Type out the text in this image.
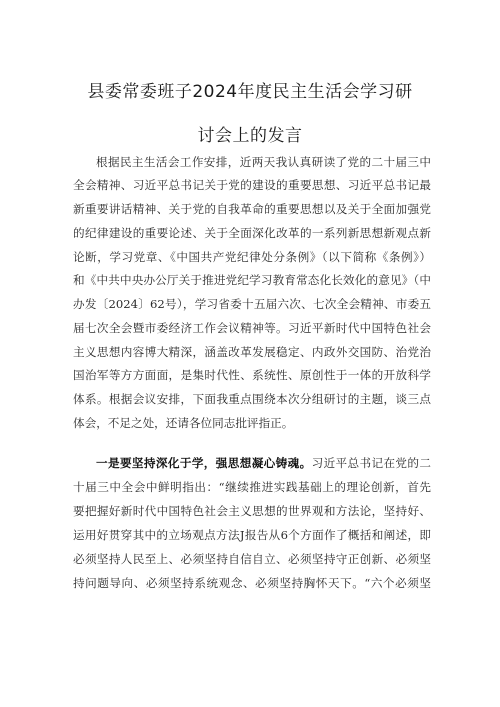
县委常委班子2024年度民主生活会学习研
讨会上的发言
根据民主生活会工作安排，近两天我认真研读了党的二十届三中
全会精神、习近平总书记关于党的建设的重要思想、习近平总书记最
新重要讲话精神、关于党的自我革命的重要思想以及关于全面加强党
的纪律建设的重要论述、关于全面深化改革的一系列新思想新观点新
论断，学习党章、《中国共产党纪律处分条例》（以下简称《条例》）
和《中共中央办公厅关于推进党纪学习教育常态化长效化的意见》（中
办发〔2024〕62号），学习省委十五届六次、七次全会精神、市委五
届七次全会暨市委经济工作会议精神等。习近平新时代中国特色社会
主义思想内容博大精深，涵盖改革发展稳定、内政外交国防、治党治
国治军等方方面面，是集时代性、系统性、原创性于一体的开放科学
体系。根据会议安排，下面我重点围绕本次分组研讨的主题，谈三点
体会，不足之处，还请各位同志批评指正。
一是要坚持深化于学，强思想凝心铸魂。习近平总书记在党的二
十届三中全会中鲜明指出：“继续推进实践基础上的理论创新，首先
要把握好新时代中国特色社会主义思想的世界观和方法论，坚持好、
运用好贯穿其中的立场观点方法J报告从6个方面作了概括和阐述，即
必须坚持人民至上、必须坚持自信自立、必须坚持守正创新、必须坚
持问题导向、必须坚持系统观念、必须坚持胸怀天下。“六个必须坚
